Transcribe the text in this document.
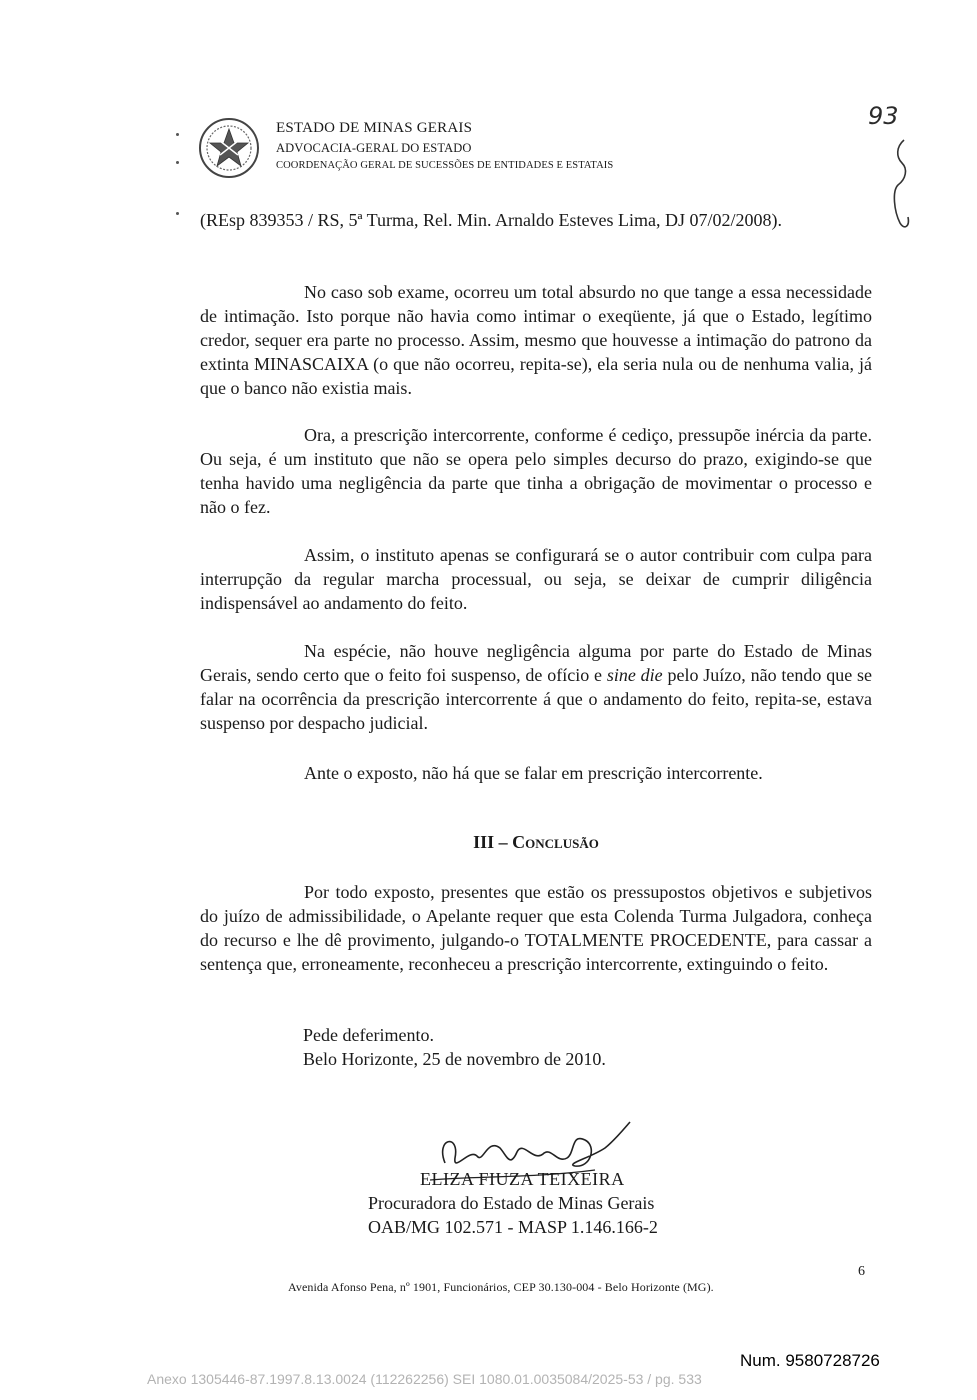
ESTADO DE MINAS GERAIS
ADVOCACIA-GERAL DO ESTADO
COORDENAÇÃO GERAL DE SUCESSÕES DE ENTIDADES E ESTATAIS
93

(REsp 839353 / RS, 5ª Turma, Rel. Min. Arnaldo Esteves Lima, DJ 07/02/2008).

No caso sob exame, ocorreu um total absurdo no que tange a essa necessidade de intimação. Isto porque não havia como intimar o exeqüente, já que o Estado, legítimo credor, sequer era parte no processo. Assim, mesmo que houvesse a intimação do patrono da extinta MINASCAIXA (o que não ocorreu, repita-se), ela seria nula ou de nenhuma valia, já que o banco não existia mais.

Ora, a prescrição intercorrente, conforme é cediço, pressupõe inércia da parte. Ou seja, é um instituto que não se opera pelo simples decurso do prazo, exigindo-se que tenha havido uma negligência da parte que tinha a obrigação de movimentar o processo e não o fez.

Assim, o instituto apenas se configurará se o autor contribuir com culpa para interrupção da regular marcha processual, ou seja, se deixar de cumprir diligência indispensável ao andamento do feito.

Na espécie, não houve negligência alguma por parte do Estado de Minas Gerais, sendo certo que o feito foi suspenso, de ofício e sine die pelo Juízo, não tendo que se falar na ocorrência da prescrição intercorrente á que o andamento do feito, repita-se, estava suspenso por despacho judicial.

Ante o exposto, não há que se falar em prescrição intercorrente.

III – Conclusão

Por todo exposto, presentes que estão os pressupostos objetivos e subjetivos do juízo de admissibilidade, o Apelante requer que esta Colenda Turma Julgadora, conheça do recurso e lhe dê provimento, julgando-o TOTALMENTE PROCEDENTE, para cassar a sentença que, erroneamente, reconheceu a prescrição intercorrente, extinguindo o feito.

Pede deferimento.
Belo Horizonte, 25 de novembro de 2010.
ELIZA FIUZA TEIXEIRA
Procuradora do Estado de Minas Gerais
OAB/MG 102.571 - MASP 1.146.166-2
6
Avenida Afonso Pena, nº 1901, Funcionários, CEP 30.130-004 - Belo Horizonte (MG).
Num. 9580728726
Anexo 1305446-87.1997.8.13.0024 (112262256) SEI 1080.01.0035084/2025-53 / pg. 533
